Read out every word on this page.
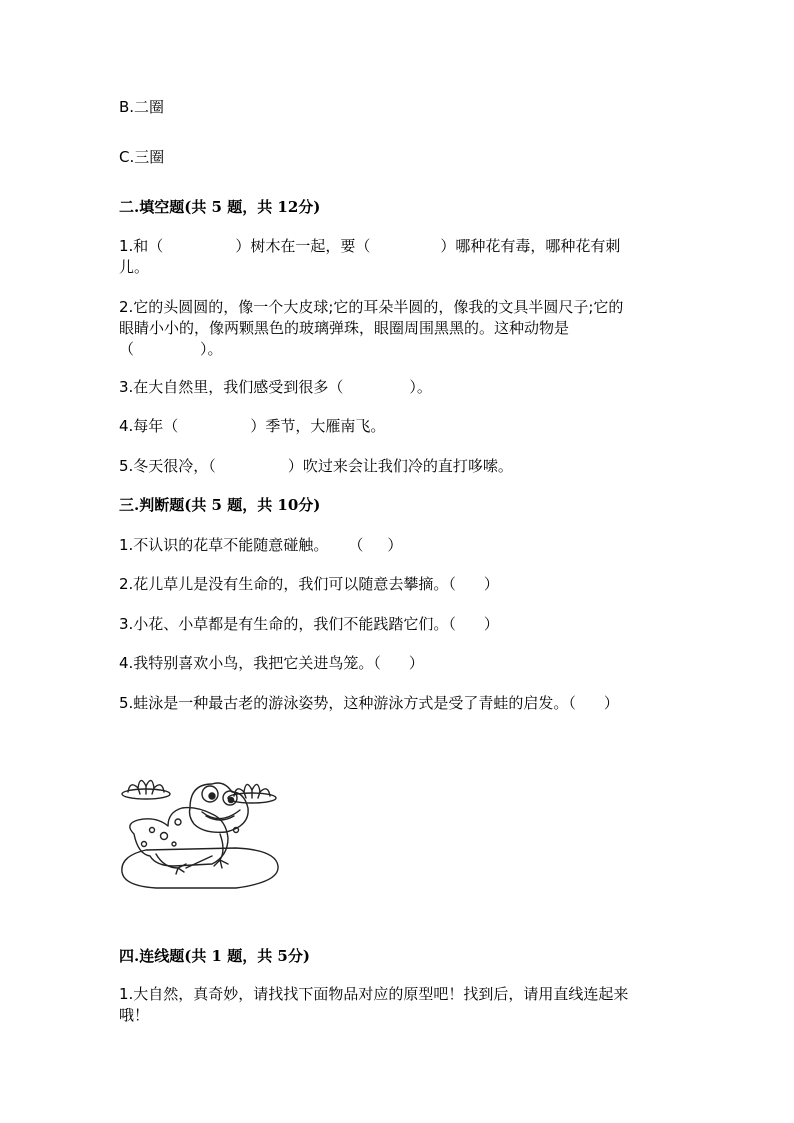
B.二圈

C.三圈

二.填空题(共 5 题，共 12分)

1.和（	）树木在一起，要（	）哪种花有毒，哪种花有刺

儿。

2.它的头圆圆的，像一个大皮球;它的耳朵半圆的，像我的文具半圆尺子;它的

眼睛小小的，像两颗黑色的玻璃弹珠，眼圈周围黑黑的。这种动物是

（	）。

3.在大自然里，我们感受到很多（	）。

4.每年（	）季节，大雁南飞。

5.冬天很冷，（	）吹过来会让我们冷的直打哆嗦。

三.判断题(共 5 题，共 10分)

1.不认识的花草不能随意碰触。 （ ）

2.花儿草儿是没有生命的，我们可以随意去攀摘。（ ）

3.小花、小草都是有生命的，我们不能践踏它们。（ ）

4.我特别喜欢小鸟，我把它关进鸟笼。（ ）

5.蛙泳是一种最古老的游泳姿势，这种游泳方式是受了青蛙的启发。（ ）

四.连线题(共 1 题，共 5分)

1.大自然，真奇妙，请找找下面物品对应的原型吧！找到后，请用直线连起来

哦！
